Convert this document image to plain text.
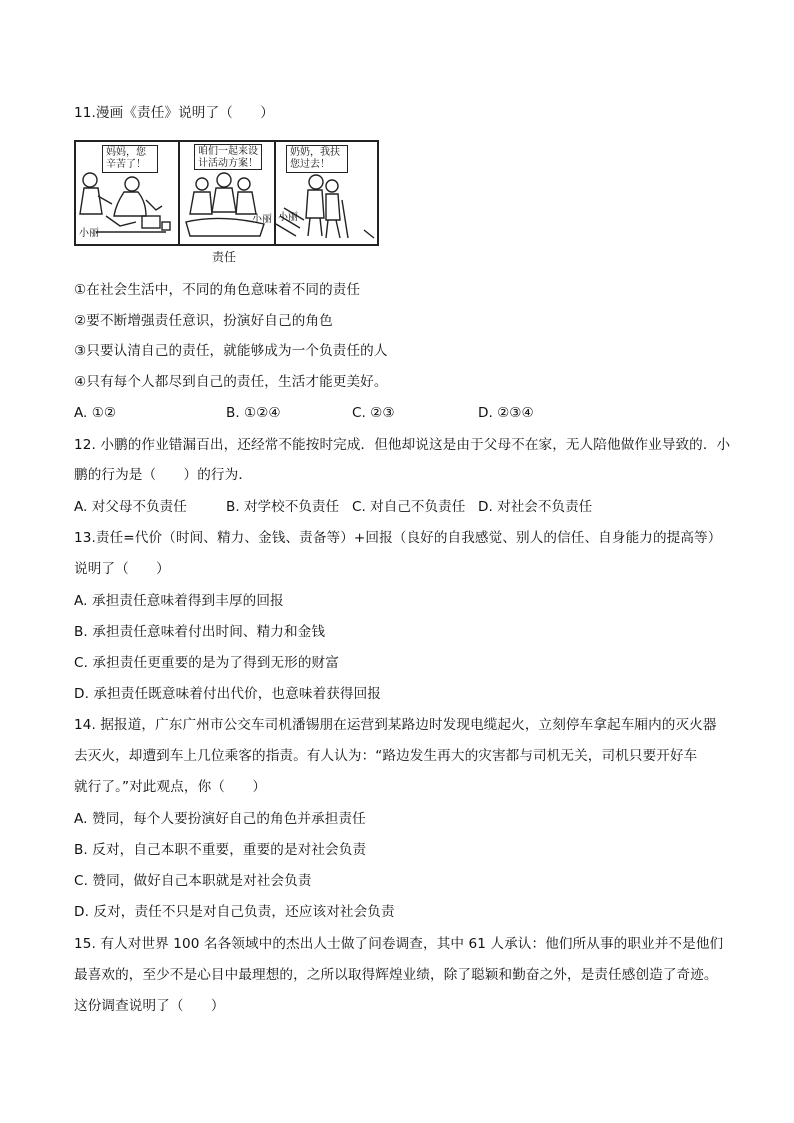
11.漫画《责任》说明了（　　）
妈妈，您辛苦了！
小丽
咱们一起来设计活动方案！
小丽
奶奶，我扶您过去！
小丽
责任
①在社会生活中，不同的角色意味着不同的责任
②要不断增强责任意识，扮演好自己的角色
③只要认清自己的责任，就能够成为一个负责任的人
④只有每个人都尽到自己的责任，生活才能更美好。
A. ①②	B. ①②④	C. ②③	D. ②③④
12. 小鹏的作业错漏百出，还经常不能按时完成．但他却说这是由于父母不在家，无人陪他做作业导致的．小
鹏的行为是（　　）的行为．
A. 对父母不负责任	B. 对学校不负责任 C. 对自己不负责任 D. 对社会不负责任
13.责任=代价（时间、精力、金钱、责备等）+回报（良好的自我感觉、别人的信任、自身能力的提高等）
说明了（　　）
A. 承担责任意味着得到丰厚的回报
B. 承担责任意味着付出时间、精力和金钱
C. 承担责任更重要的是为了得到无形的财富
D. 承担责任既意味着付出代价，也意味着获得回报
14. 据报道，广东广州市公交车司机潘锡朋在运营到某路边时发现电缆起火，立刻停车拿起车厢内的灭火器
去灭火，却遭到车上几位乘客的指责。有人认为：“路边发生再大的灾害都与司机无关，司机只要开好车
就行了。”对此观点，你（　　）
A. 赞同，每个人要扮演好自己的角色并承担责任
B. 反对，自己本职不重要，重要的是对社会负责
C. 赞同，做好自己本职就是对社会负责
D. 反对，责任不只是对自己负责，还应该对社会负责
15. 有人对世界 100 名各领域中的杰出人士做了问卷调查，其中 61 人承认：他们所从事的职业并不是他们
最喜欢的，至少不是心目中最理想的，之所以取得辉煌业绩，除了聪颖和勤奋之外，是责任感创造了奇迹。
这份调查说明了（　　）
